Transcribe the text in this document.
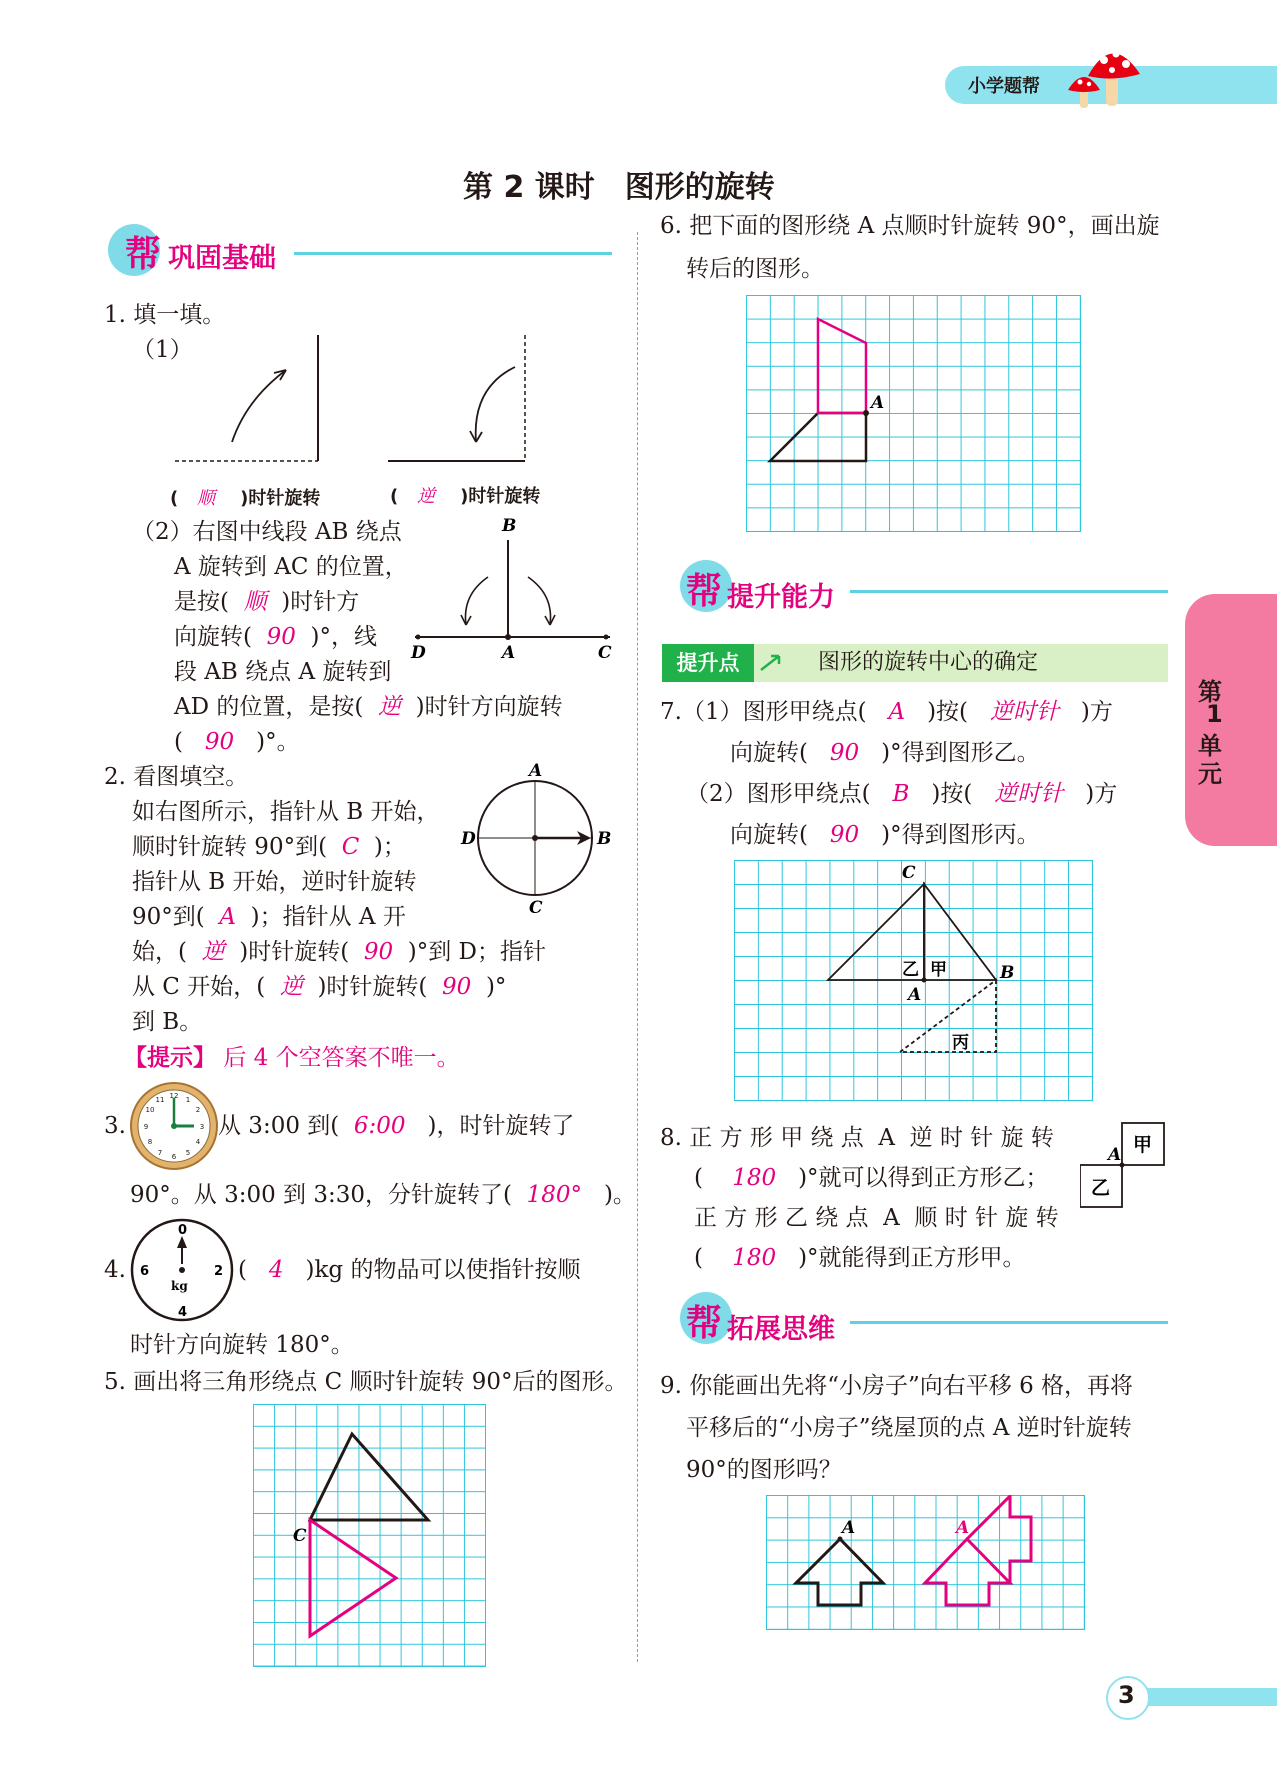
小学题帮
第 2 课时　图形的旋转
帮 巩固基础
1. 填一填。
（1）
( 顺 )时针旋转	( 逆 )时针旋转
（2）右图中线段 AB 绕点
A 旋转到 AC 的位置，
是按( 顺 )时针方
向旋转( 90 )°，线
段 AB 绕点 A 旋转到
AD 的位置，是按( 逆 )时针方向旋转
( 90 )°。
B
D	A	C
2. 看图填空。
如右图所示，指针从 B 开始，
顺时针旋转 90°到( C )；
指针从 B 开始，逆时针旋转
90°到( A )；指针从 A 开
始，( 逆 )时针旋转( 90 )°到 D；指针
从 C 开始，( 逆 )时针旋转( 90 )°
到 B。
【提示】 后 4 个空答案不唯一。
A
B
C
D
3.
12 1
2
3
4
5
6
7
8
9
10
11
从 3:00 到( 6:00 )，时针旋转了
90°。从 3:00 到 3:30，分针旋转了( 180° )。
4.
0
2
4
6
kg
( 4 )kg 的物品可以使指针按顺
时针方向旋转 180°。
5. 画出将三角形绕点 C 顺时针旋转 90°后的图形。
C
6. 把下面的图形绕 A 点顺时针旋转 90°，画出旋
转后的图形。
A
帮 提升能力
提升点	图形的旋转中心的确定
7.（1）图形甲绕点( A )按( 逆时针 )方
向旋转( 90 )°得到图形乙。
（2）图形甲绕点( B )按( 逆时针 )方
向旋转( 90 )°得到图形丙。
C
乙 甲	B
A
丙
8. 正 方 形 甲 绕 点  A  逆 时 针 旋 转
( 180 )°就可以得到正方形乙；
正 方 形 乙 绕 点  A  顺 时 针 旋 转
( 180 )°就能得到正方形甲。
甲
乙
A
帮 拓展思维
9. 你能画出先将“小房子”向右平移 6 格，再将
平移后的“小房子”绕屋顶的点 A 逆时针旋转
90°的图形吗？
A	A
第
1
单
元
3
